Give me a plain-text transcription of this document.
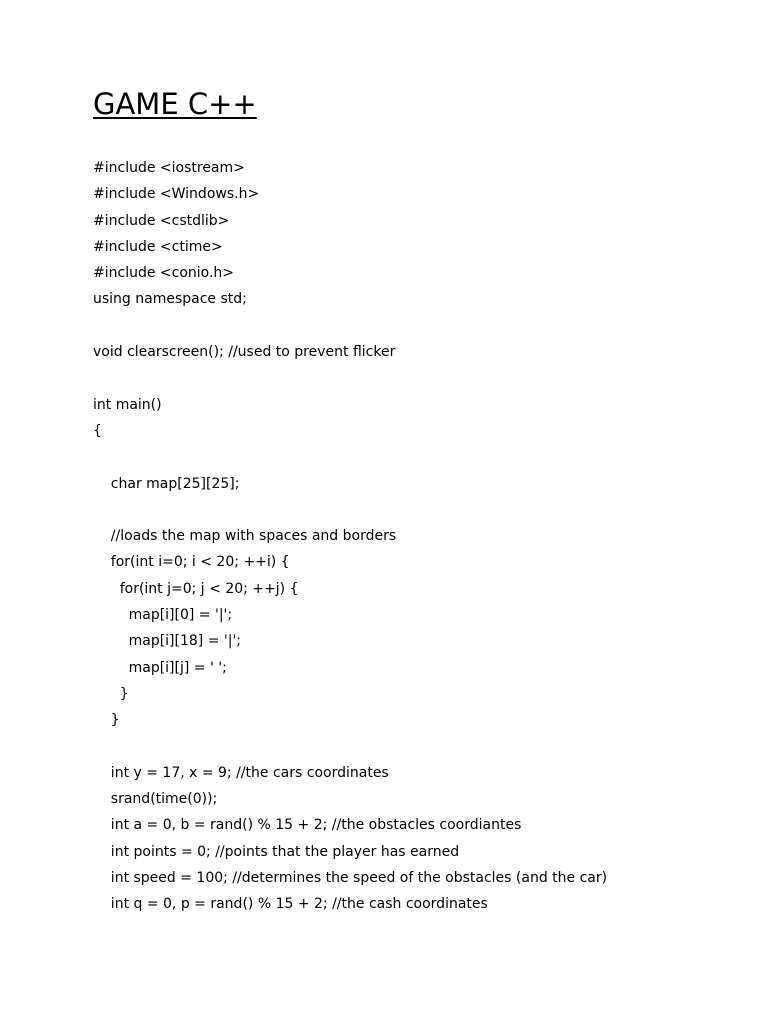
GAME C++
#include <iostream>
#include <Windows.h>
#include <cstdlib>
#include <ctime>
#include <conio.h>
using namespace std;
void clearscreen(); //used to prevent flicker
int main()
{
char map[25][25];
//loads the map with spaces and borders
for(int i=0; i < 20; ++i) {
for(int j=0; j < 20; ++j) {
map[i][0] = '|';
map[i][18] = '|';
map[i][j] = ' ';
}
}
int y = 17, x = 9; //the cars coordinates
srand(time(0));
int a = 0, b = rand() % 15 + 2; //the obstacles coordiantes
int points = 0; //points that the player has earned
int speed = 100; //determines the speed of the obstacles (and the car)
int q = 0, p = rand() % 15 + 2; //the cash coordinates
